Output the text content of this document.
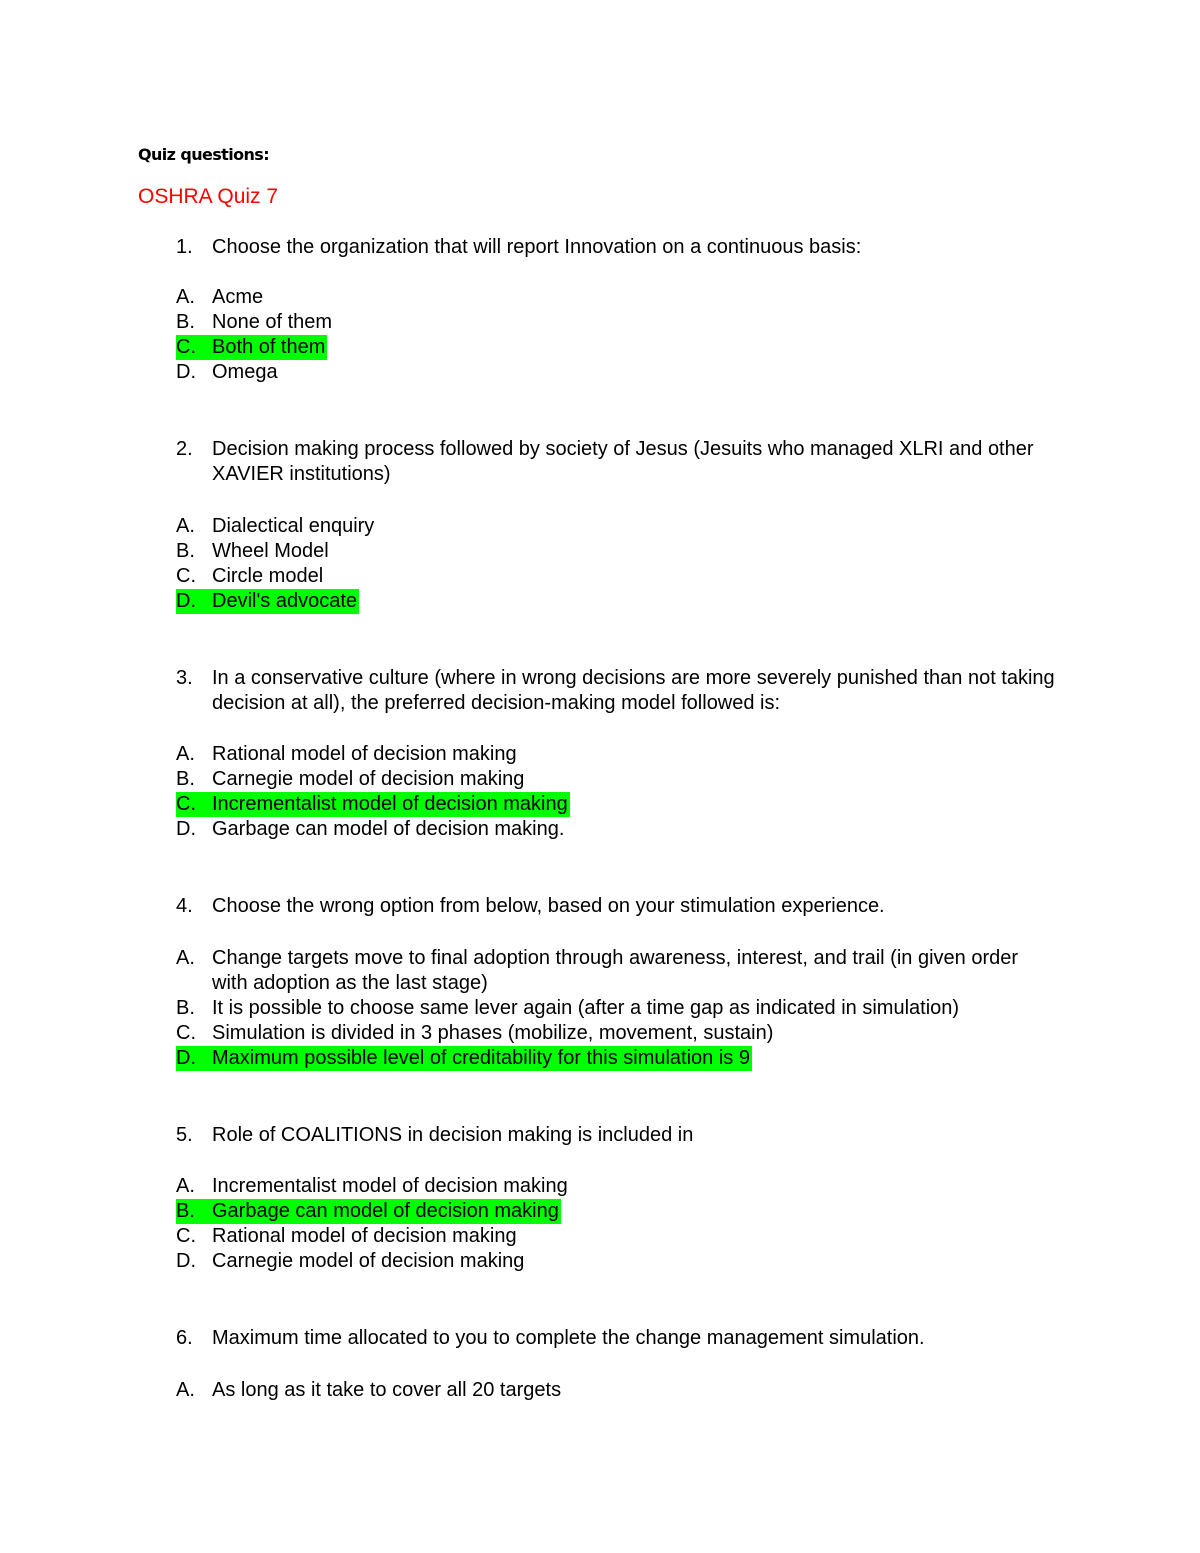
Quiz questions:

OSHRA Quiz 7

1. Choose the organization that will report Innovation on a continuous basis:
A. Acme
B. None of them
C. Both of them
D. Omega
2. Decision making process followed by society of Jesus (Jesuits who managed XLRI and other XAVIER institutions)
A. Dialectical enquiry
B. Wheel Model
C. Circle model
D. Devil's advocate
3. In a conservative culture (where in wrong decisions are more severely punished than not taking decision at all), the preferred decision-making model followed is:
A. Rational model of decision making
B. Carnegie model of decision making
C. Incrementalist model of decision making
D. Garbage can model of decision making.
4. Choose the wrong option from below, based on your stimulation experience.
A. Change targets move to final adoption through awareness, interest, and trail (in given order with adoption as the last stage)
B. It is possible to choose same lever again (after a time gap as indicated in simulation)
C. Simulation is divided in 3 phases (mobilize, movement, sustain)
D. Maximum possible level of creditability for this simulation is 9
5. Role of COALITIONS in decision making is included in
A. Incrementalist model of decision making
B. Garbage can model of decision making
C. Rational model of decision making
D. Carnegie model of decision making
6. Maximum time allocated to you to complete the change management simulation.
A. As long as it take to cover all 20 targets
